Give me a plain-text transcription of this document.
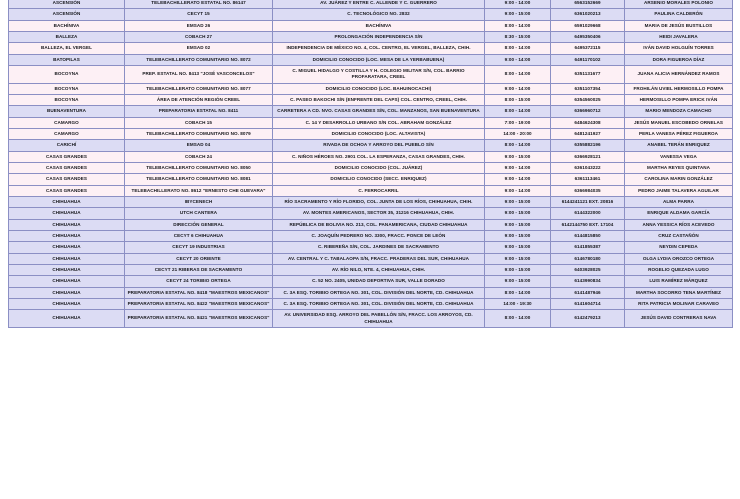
ASCENSIÓN	TELEBACHILLERATO ESTATAL NO. 86147	AV. JUÁREZ Y ENTRE C. ALLENDE Y C. GUERRERO	9:00 - 14:00	6563152669	ARSENIO MORALES POLONIO
ASCENSIÓN	CECYT 15	C. TECNOLÓGICO NO. 2832	9:00 - 15:00	6361020213	PAULINA CALDERÓN
BACHÍNIVA	EMSAD 26	BACHÍNIVA	8:00 - 14:00	6591029668	MARIA DE JESÚS BUSTILLOS
BALLEZA	COBACH 27	PROLONGACIÓN INDEPENDENCIA S/N	8:30 - 15:00	6495350406	HEIDI JAVALERA
BALLEZA, EL VERGEL	EMSAD 02	INDEPENDENCIA DE MÉXICO NO. 4, COL. CENTRO, EL VERGEL, BALLEZA, CHIH.	8:00 - 14:00	6495372115	IVÁN DAVID HOLGUÍN TORRES
BATOPILAS	TELEBACHILLERATO COMUNITARIO NO. 8072	DOMICILIO CONOCIDO (LOC. MESA DE LA YERBABUENA)	9:00 - 14:00	6491170102	DORA FIGUEROA DÍAZ
BOCOYNA	PREP. ESTATAL NO. 8413 "JOSÉ VASCONCELOS"	C. MIGUEL HIDALGO Y COSTILLA Y H. COLEGIO MILITAR S/N, COL. BARRIO PROFARATARA, CREEL	8:00 - 14:00	6351131677	JUANA ALICIA HERNÁNDEZ RAMOS
BOCOYNA	TELEBACHILLERATO COMUNITARIO NO. 8077	DOMICILIO CONOCIDO (LOC. BAHUINOCACHI)	9:00 - 14:00	6351107354	FROHILÁN UVIEL HERMOSILLO POMPA
BOCOYNA	ÁREA DE ATENCIÓN REGIÓN CREEL	C. PASEO BAKOCHI S/N (ENFRENTE DEL CAPS) COL. CENTRO, CREEL, CHIH.	8:00 - 15:00	6354560025	HERMOSILLO POMPA ERICK IVÁN
BUENAVENTURA	PREPARATORIA ESTATAL NO. 8411	CARRETERA A CD. NVO. CASAS GRANDES S/N, COL. MANZANOS, SAN BUENAVENTURA	8:00 - 14:00	6366960712	MARIO MENDOZA CAMACHO
CAMARGO	COBACH 15	C. 14 Y DESARROLLO URBANO S/N COL. ABRAHAM GONZÁLEZ	7:00 - 19:00	6484624308	JESÚS MANUEL ESCOBEDO ORNELAS
CAMARGO	TELEBACHILLERATO COMUNITARIO NO. 8079	DOMICILIO CONOCIDO (LOC. ALTAVISTA)	14:00 - 20:00	6481241927	PERLA VANESA PÉREZ FIGUEROA
CARICHÍ	EMSAD 04	RIVADA DE OCHOA Y ARROYO DEL PUEBLO S/N	8:00 - 14:00	6355882196	ANABEL TERÁN ENRIQUEZ
CASAS GRANDES	COBACH 24	C. NIÑOS HÉROES NO. 2901 COL. LA ESPERANZA, CASAS GRANDES, CHIH.	9:00 - 15:00	6366928121	VANESSA VEGA
CASAS GRANDES	TELEBACHILLERATO COMUNITARIO NO. 8050	DOMICILIO CONOCIDO (COL. JUÁREZ)	9:00 - 14:00	6361043222	MARTHA REYES QUINTANA
CASAS GRANDES	TELEBACHILLERATO COMUNITARIO NO. 8081	DOMICILIO CONOCIDO (SECC. ENRIQUEZ)	9:00 - 14:00	6361113461	CAROLINA MARIN GONZÁLEZ
CASAS GRANDES	TELEBACHILLERATO NO. 8612 "ERNESTO CHE GUEVARA"	C. FERROCARRIL	9:00 - 14:00	6366984035	PEDRO JAIME TALAVERA AGUILAR
CHIHUAHUA	IBYCENECH	RÍO SACRAMENTO Y RÍO FLORIDO, COL. JUNTA DE LOS RÍOS, CHIHUAHUA, CHIH.	9:00 - 15:00	6144241121 EXT. 20816	ALMA PARRA
CHIHUAHUA	UTCH CANTERA	AV. MONTES AMERICANOS, SECTOR 35, 31216 CHIHUAHUA, CHIH.	9:00 - 15:00	6144322000	ENRIQUE ALDAMA GARCÍA
CHIHUAHUA	DIRECCIÓN GENERAL	REPÚBLICA DE BOLIVIA NO. 213, COL. PANAMERICANA, CIUDAD CHIHUAHUA	9:00 - 15:00	6142144750 EXT. 17104	ANNA YESSICA RÍOS ACEVEDO
CHIHUAHUA	CECYT 6 CHIHUAHUA	C. JOAQUÍN PEDRERO NO. 3300, FRACC. PONCE DE LEÓN	9:00 - 15:00	6144815850	CRUZ CASTAÑÓN
CHIHUAHUA	CECYT 19 INDUSTRIAS	C. RIBEREÑA S/N, COL. JARDINES DE SACRAMENTO	9:00 - 15:00	6141855387	NEYDIN CEPEDA
CHIHUAHUA	CECYT 20 ORIENTE	AV. CENTRAL Y C. TABALAOPA S/N, FRACC. PRADERAS DEL SUR, CHIHUAHUA	9:00 - 15:00	6146780180	OLGA LYDIA OROZCO ORTEGA
CHIHUAHUA	CECYT 21 RIBERAS DE SACRAMENTO	AV. RÍO NILO, NTE. 4, CHIHUAHUA, CHIH.	9:00 - 15:00	6403928025	ROGELIO QUEZADA LUGO
CHIHUAHUA	CECYT 24 TORIBIO ORTEGA	C. 52 NO. 2405, UNIDAD DEPORTIVA SUR, VALLE DORADO	9:00 - 15:00	6143990834	LUIS RAMÍREZ MÁRQUEZ
CHIHUAHUA	PREPARATORIA ESTATAL NO. 8418 "MAESTROS MEXICANOS"	C. 3A ESQ. TORIBIO ORTEGA NO. 301, COL. DIVISIÓN DEL NORTE, CD. CHIHUAHUA	8:00 - 14:00	6141487946	MARTHA SOCORRO TENA MARTÍNEZ
CHIHUAHUA	PREPARATORIA ESTATAL NO. 8422 "MAESTROS MEXICANOS"	C. 3A ESQ. TORIBIO ORTEGA NO. 301, COL. DIVISIÓN DEL NORTE, CD. CHIHUAHUA	14:00 - 19:30	6141604714	RITA PATRICIA MOLINAR CARAVEO
CHIHUAHUA	PREPARATORIA ESTATAL NO. 8421 "MAESTROS MEXICANOS"	AV. UNIVERSIDAD ESQ. ARROYO DEL PABELLÓN S/N, FRACC. LOS ARROYOS, CD. CHIHUAHUA	8:00 - 14:00	6142479213	JESÚS DAVID CONTRERAS NAVA
